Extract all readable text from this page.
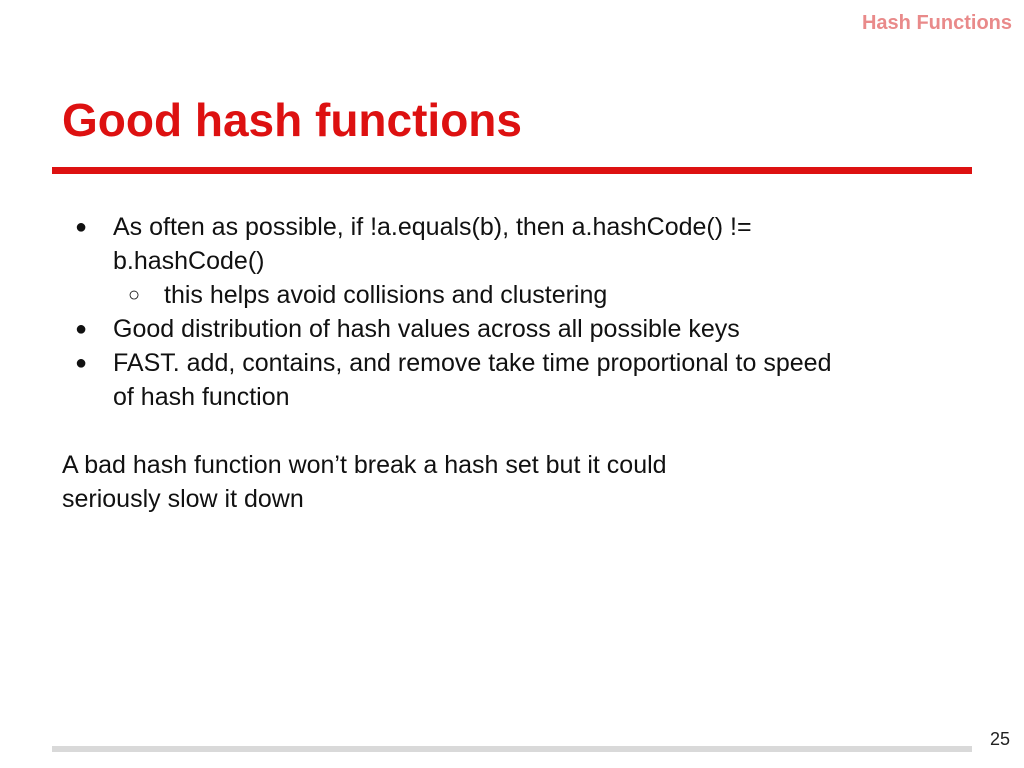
Hash Functions
Good hash functions
● As often as possible, if !a.equals(b), then a.hashCode() != b.hashCode()
○ this helps avoid collisions and clustering
● Good distribution of hash values across all possible keys
● FAST. add, contains, and remove take time proportional to speed of hash function

A bad hash function won’t break a hash set but it could seriously slow it down

25
